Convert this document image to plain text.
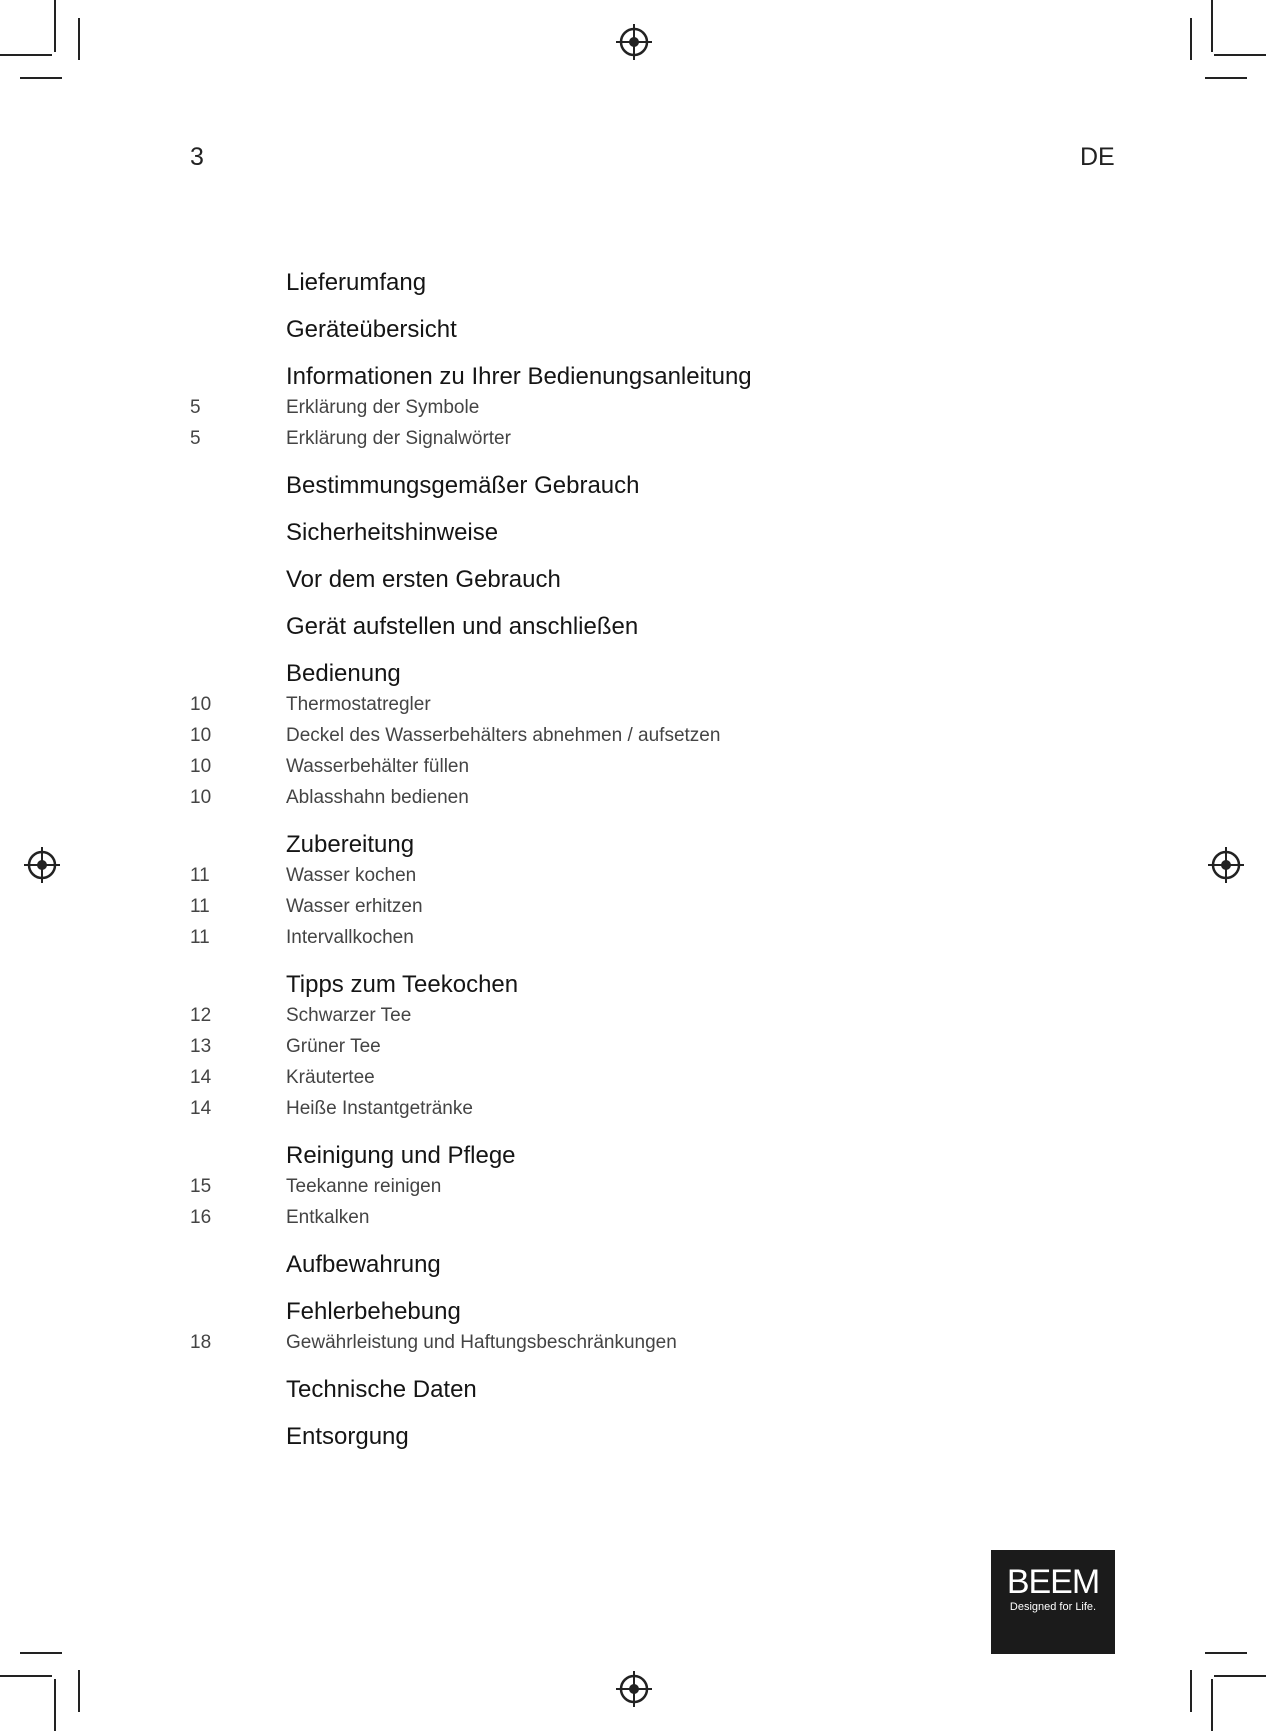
3	DE
Lieferumfang
Geräteübersicht
Informationen zu Ihrer Bedienungsanleitung
5	Erklärung der Symbole
5	Erklärung der Signalwörter
Bestimmungsgemäßer Gebrauch
Sicherheitshinweise
Vor dem ersten Gebrauch
Gerät aufstellen und anschließen
Bedienung
10	Thermostatregler
10	Deckel des Wasserbehälters abnehmen / aufsetzen
10	Wasserbehälter füllen
10	Ablasshahn bedienen
Zubereitung
11	Wasser kochen
11	Wasser erhitzen
11	Intervallkochen
Tipps zum Teekochen
12	Schwarzer Tee
13	Grüner Tee
14	Kräutertee
14	Heiße Instantgetränke
Reinigung und Pflege
15	Teekanne reinigen
16	Entkalken
Aufbewahrung
Fehlerbehebung
18	Gewährleistung und Haftungsbeschränkungen
Technische Daten
Entsorgung
BEEM
Designed for Life.
